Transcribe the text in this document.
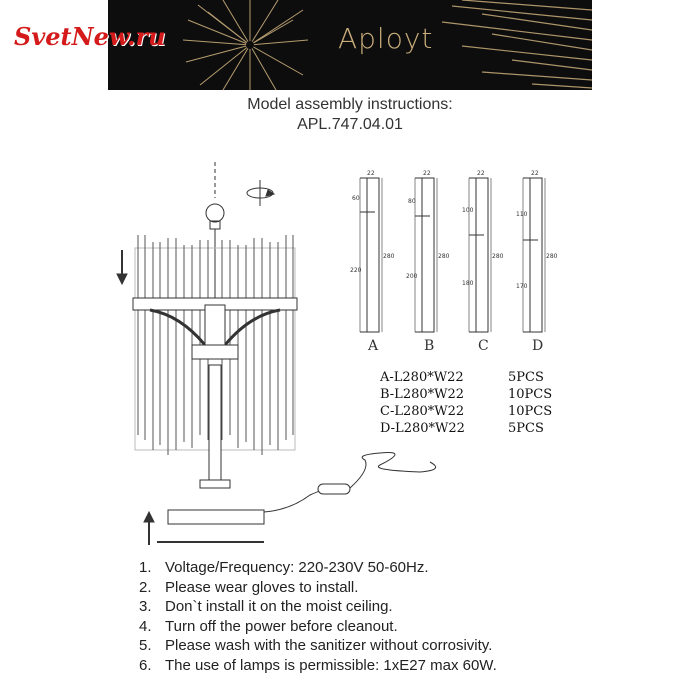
Aployt
SvetNew.ru
Model assembly instructions:
APL.747.04.01
22
60
220
280
A
22
80
200
280
B
22
100
180
280
C
22
110
170
280
D
A-L280*W22	5PCS
B-L280*W22	10PCS
C-L280*W22	10PCS
D-L280*W22	5PCS
1. Voltage/Frequency: 220-230V 50-60Hz.
2. Please wear gloves to install.
3. Don`t install it on the moist ceiling.
4. Turn off the power before cleanout.
5. Please wash with the sanitizer without corrosivity.
6. The use of lamps is permissible: 1xE27 max 60W.
